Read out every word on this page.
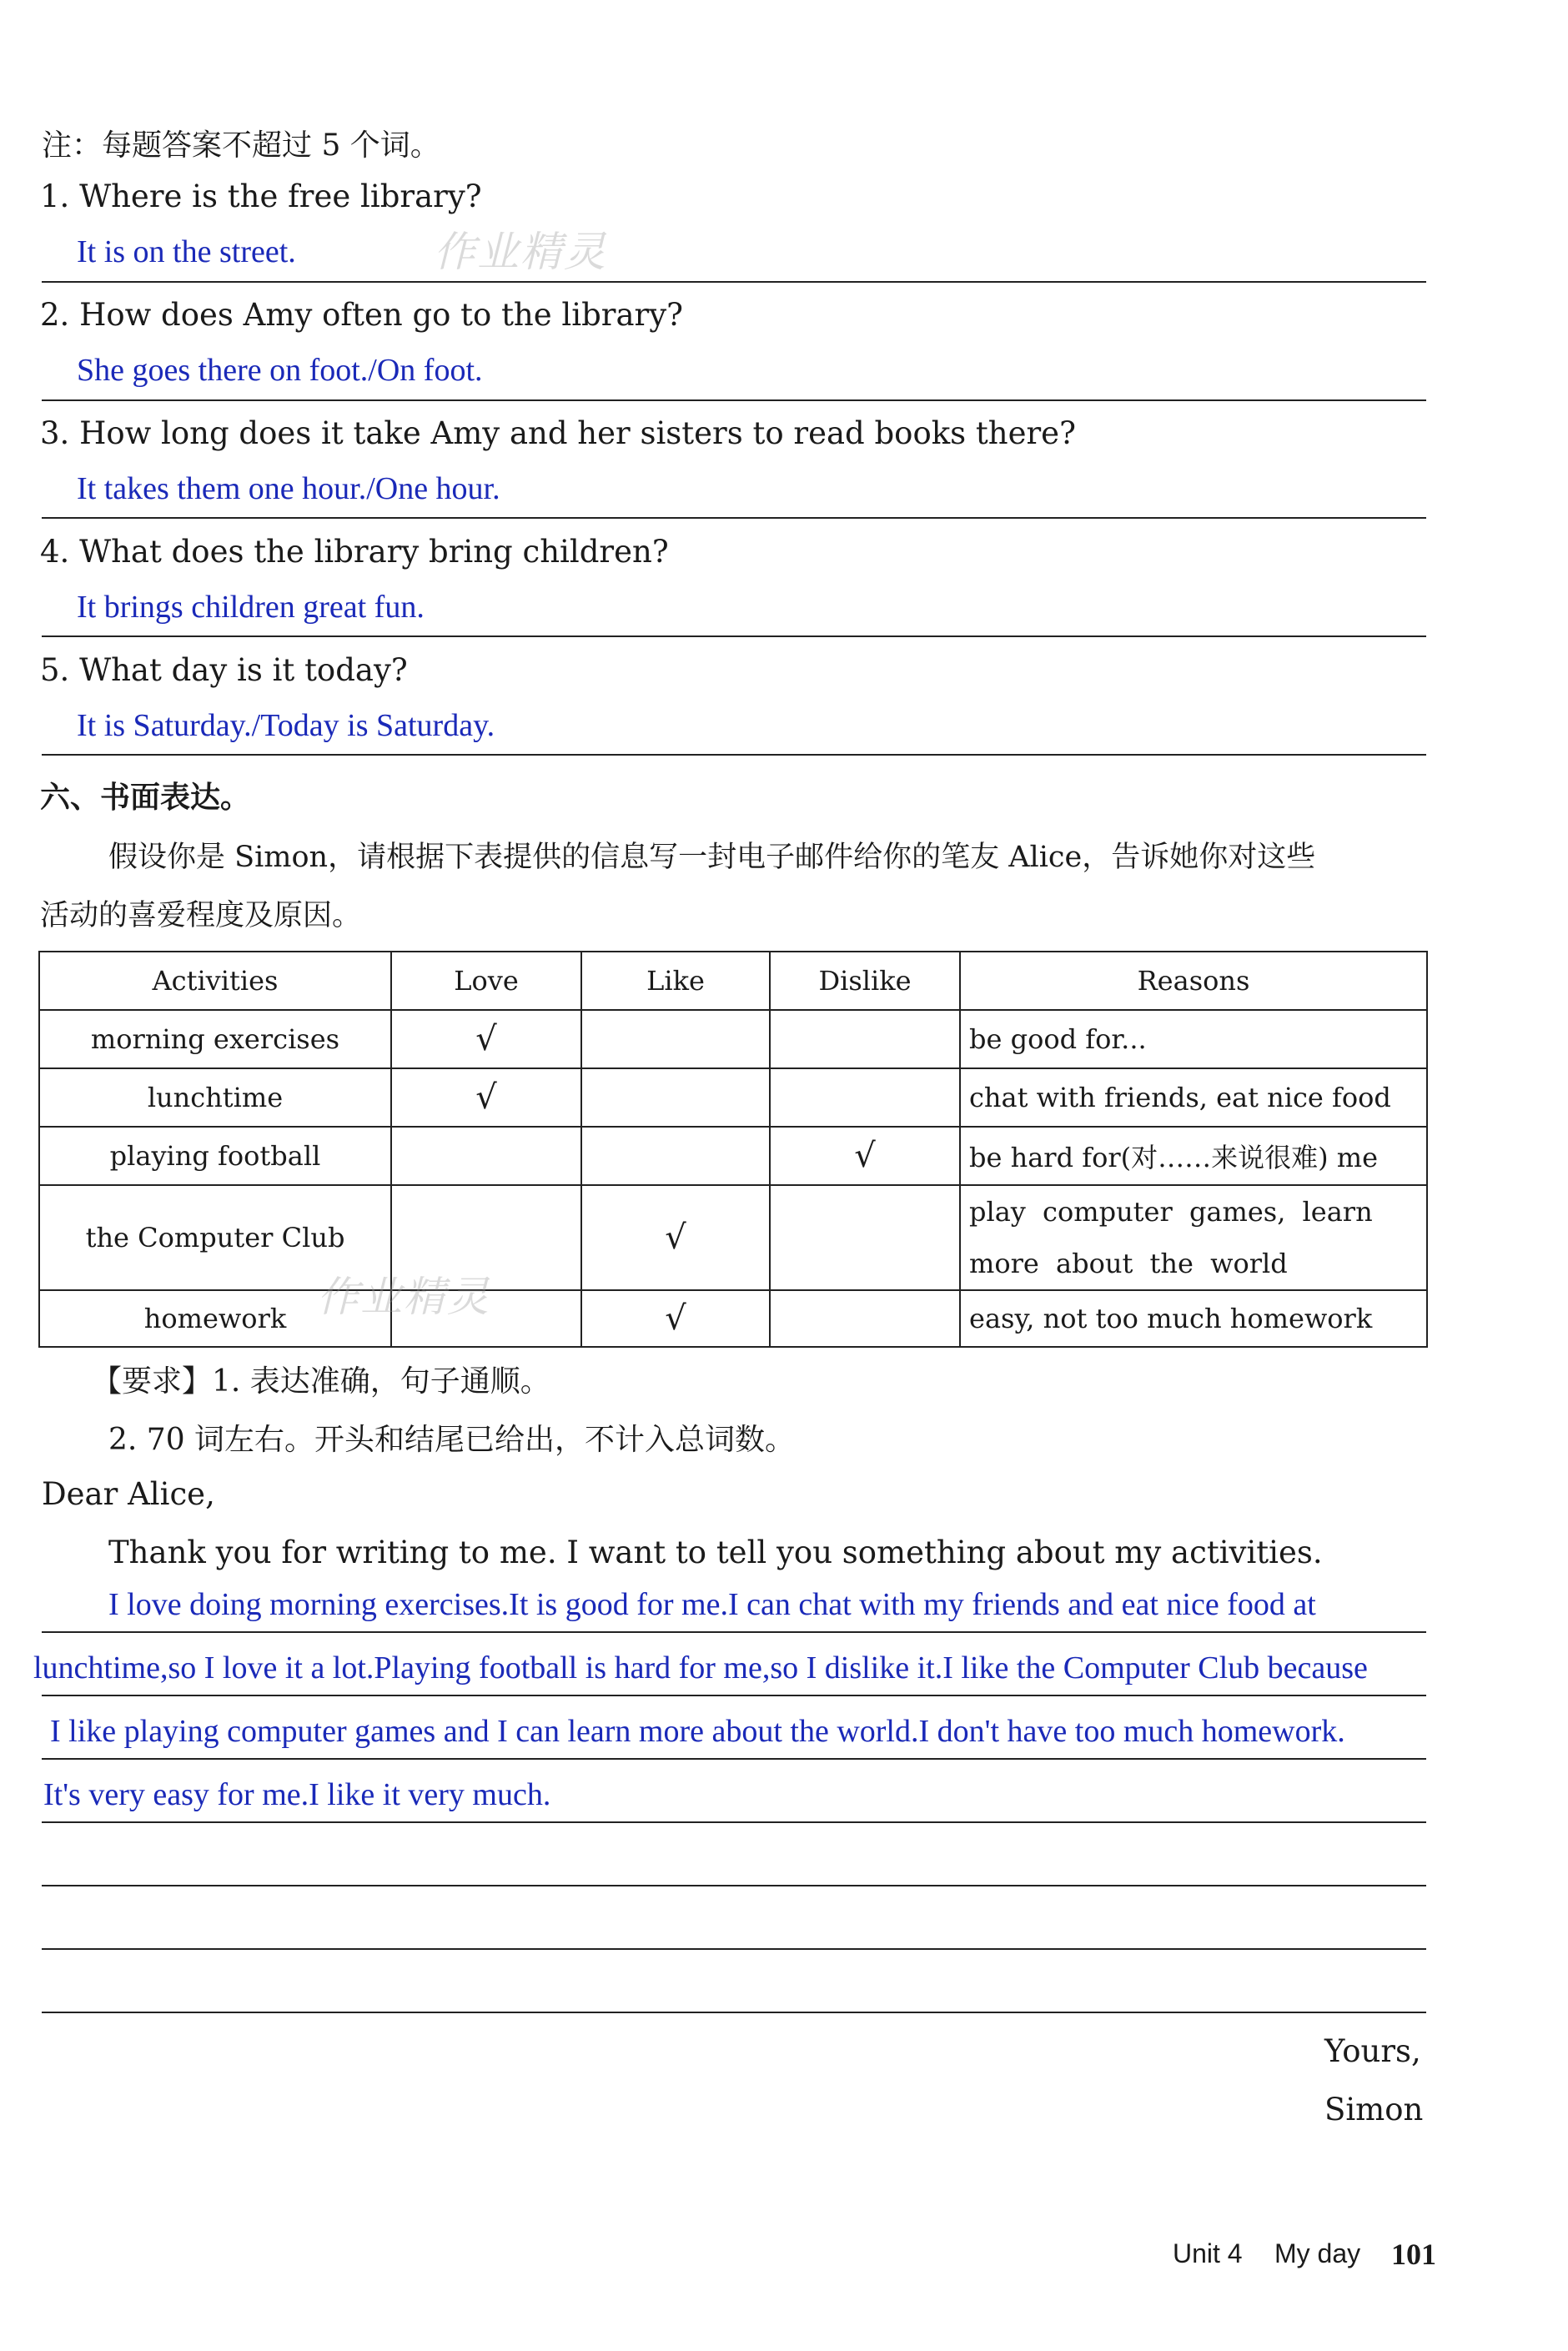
注：每题答案不超过 5 个词。
1. Where is the free library?
It is on the street.	作业精灵
2. How does Amy often go to the library?
She goes there on foot./On foot.
3. How long does it take Amy and her sisters to read books there?
It takes them one hour./One hour.
4. What does the library bring children?
It brings children great fun.
5. What day is it today?
It is Saturday./Today is Saturday.
六、书面表达。
假设你是 Simon，请根据下表提供的信息写一封电子邮件给你的笔友 Alice，告诉她你对这些
活动的喜爱程度及原因。
Activities	Love	Like	Dislike	Reasons
morning exercises	√			be good for...
lunchtime	√			chat with friends, eat nice food
playing football			√	be hard for(对……来说很难) me
the Computer Club		√		play computer games, learn more about the world
homework		√		easy, not too much homework
作业精灵
【要求】1. 表达准确，句子通顺。
2. 70 词左右。开头和结尾已给出，不计入总词数。
Dear Alice,
Thank you for writing to me. I want to tell you something about my activities.
I love doing morning exercises.It is good for me.I can chat with my friends and eat nice food at
lunchtime,so I love it a lot.Playing football is hard for me,so I dislike it.I like the Computer Club because
I like playing computer games and I can learn more about the world.I don't have too much homework.
It's very easy for me.I like it very much.
Yours,
Simon
Unit 4 My day 101
